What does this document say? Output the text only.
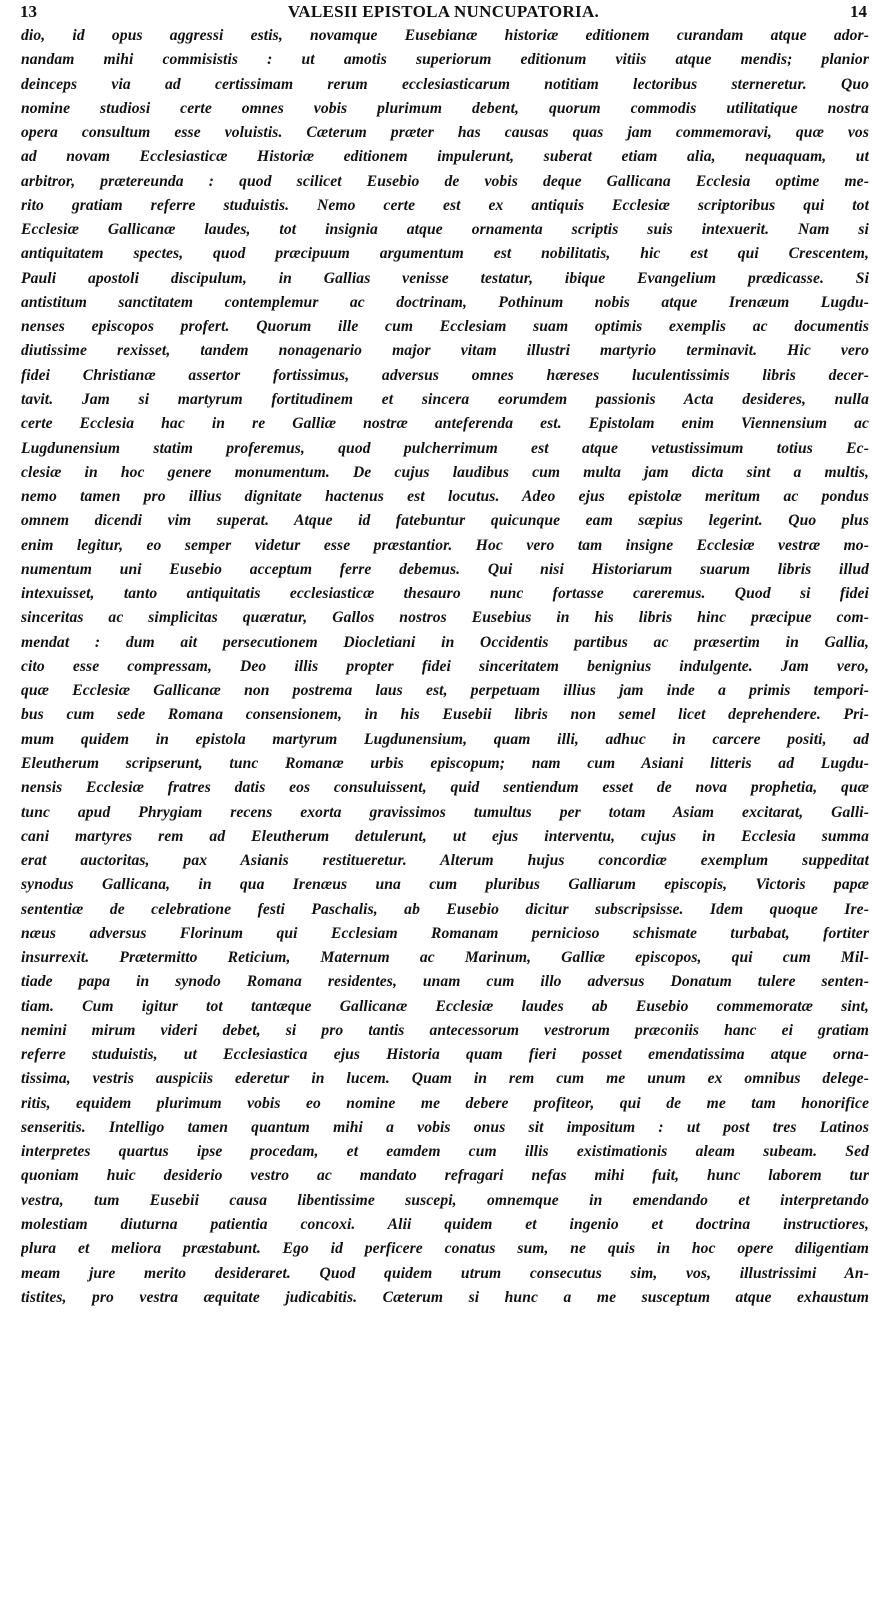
13	VALESII EPISTOLA NUNCUPATORIA.	14
dio, id opus aggressi estis, novamque Eusebianæ historiæ editionem curandam atque ador-
nandam mihi commisistis : ut amotis superiorum editionum vitiis atque mendis; planior
deinceps via ad certissimam rerum ecclesiasticarum notitiam lectoribus sterneretur. Quo
nomine studiosi certe omnes vobis plurimum debent, quorum commodis utilitatique nostra
opera consultum esse voluistis. Cæterum præter has causas quas jam commemoravi, quæ vos
ad novam Ecclesiasticæ Historiæ editionem impulerunt, suberat etiam alia, nequaquam, ut
arbitror, prætereunda : quod scilicet Eusebio de vobis deque Gallicana Ecclesia optime me-
rito gratiam referre studuistis. Nemo certe est ex antiquis Ecclesiæ scriptoribus qui tot
Ecclesiæ Gallicanæ laudes, tot insignia atque ornamenta scriptis suis intexuerit. Nam si
antiquitatem spectes, quod præcipuum argumentum est nobilitatis, hic est qui Crescentem,
Pauli apostoli discipulum, in Gallias venisse testatur, ibique Evangelium prædicasse. Si
antistitum sanctitatem contemplemur ac doctrinam, Pothinum nobis atque Irenæum Lugdu-
nenses episcopos profert. Quorum ille cum Ecclesiam suam optimis exemplis ac documentis
diutissime rexisset, tandem nonagenario major vitam illustri martyrio terminavit. Hic vero
fidei Christianæ assertor fortissimus, adversus omnes hæreses luculentissimis libris decer-
tavit. Jam si martyrum fortitudinem et sincera eorumdem passionis Acta desideres, nulla
certe Ecclesia hac in re Galliæ nostræ anteferenda est. Epistolam enim Viennensium ac
Lugdunensium statim proferemus, quod pulcherrimum est atque vetustissimum totius Ec-
clesiæ in hoc genere monumentum. De cujus laudibus cum multa jam dicta sint a multis,
nemo tamen pro illius dignitate hactenus est locutus. Adeo ejus epistolæ meritum ac pondus
omnem dicendi vim superat. Atque id fatebuntur quicunque eam sæpius legerint. Quo plus
enim legitur, eo semper videtur esse præstantior. Hoc vero tam insigne Ecclesiæ vestræ mo-
numentum uni Eusebio acceptum ferre debemus. Qui nisi Historiarum suarum libris illud
intexuisset, tanto antiquitatis ecclesiasticæ thesauro nunc fortasse careremus. Quod si fidei
sinceritas ac simplicitas quæratur, Gallos nostros Eusebius in his libris hinc præcipue com-
mendat : dum ait persecutionem Diocletiani in Occidentis partibus ac præsertim in Gallia,
cito esse compressam, Deo illis propter fidei sinceritatem benignius indulgente. Jam vero,
quæ Ecclesiæ Gallicanæ non postrema laus est, perpetuam illius jam inde a primis tempori-
bus cum sede Romana consensionem, in his Eusebii libris non semel licet deprehendere. Pri-
mum quidem in epistola martyrum Lugdunensium, quam illi, adhuc in carcere positi, ad
Eleutherum scripserunt, tunc Romanæ urbis episcopum; nam cum Asiani litteris ad Lugdu-
nensis Ecclesiæ fratres datis eos consuluissent, quid sentiendum esset de nova prophetia, quæ
tunc apud Phrygiam recens exorta gravissimos tumultus per totam Asiam excitarat, Galli-
cani martyres rem ad Eleutherum detulerunt, ut ejus interventu, cujus in Ecclesia summa
erat auctoritas, pax Asianis restitueretur. Alterum hujus concordiæ exemplum suppeditat
synodus Gallicana, in qua Irenæus una cum pluribus Galliarum episcopis, Victoris papæ
sententiæ de celebratione festi Paschalis, ab Eusebio dicitur subscripsisse. Idem quoque Ire-
næus adversus Florinum qui Ecclesiam Romanam pernicioso schismate turbabat, fortiter
insurrexit. Prætermitto Reticium, Maternum ac Marinum, Galliæ episcopos, qui cum Mil-
tiade papa in synodo Romana residentes, unam cum illo adversus Donatum tulere senten-
tiam. Cum igitur tot tantæque Gallicanæ Ecclesiæ laudes ab Eusebio commemoratæ sint,
nemini mirum videri debet, si pro tantis antecessorum vestrorum præconiis hanc ei gratiam
referre studuistis, ut Ecclesiastica ejus Historia quam fieri posset emendatissima atque orna-
tissima, vestris auspiciis ederetur in lucem. Quam in rem cum me unum ex omnibus delege-
ritis, equidem plurimum vobis eo nomine me debere profiteor, qui de me tam honorifice
senseritis. Intelligo tamen quantum mihi a vobis onus sit impositum : ut post tres Latinos
interpretes quartus ipse procedam, et eamdem cum illis existimationis aleam subeam. Sed
quoniam huic desiderio vestro ac mandato refragari nefas mihi fuit, hunc laborem tur
vestra, tum Eusebii causa libentissime suscepi, omnemque in emendando et interpretando
molestiam diuturna patientia concoxi. Alii quidem et ingenio et doctrina instructiores,
plura et meliora præstabunt. Ego id perficere conatus sum, ne quis in hoc opere diligentiam
meam jure merito desideraret. Quod quidem utrum consecutus sim, vos, illustrissimi An-
tistites, pro vestra æquitate judicabitis. Cæterum si hunc a me susceptum atque exhaustum
